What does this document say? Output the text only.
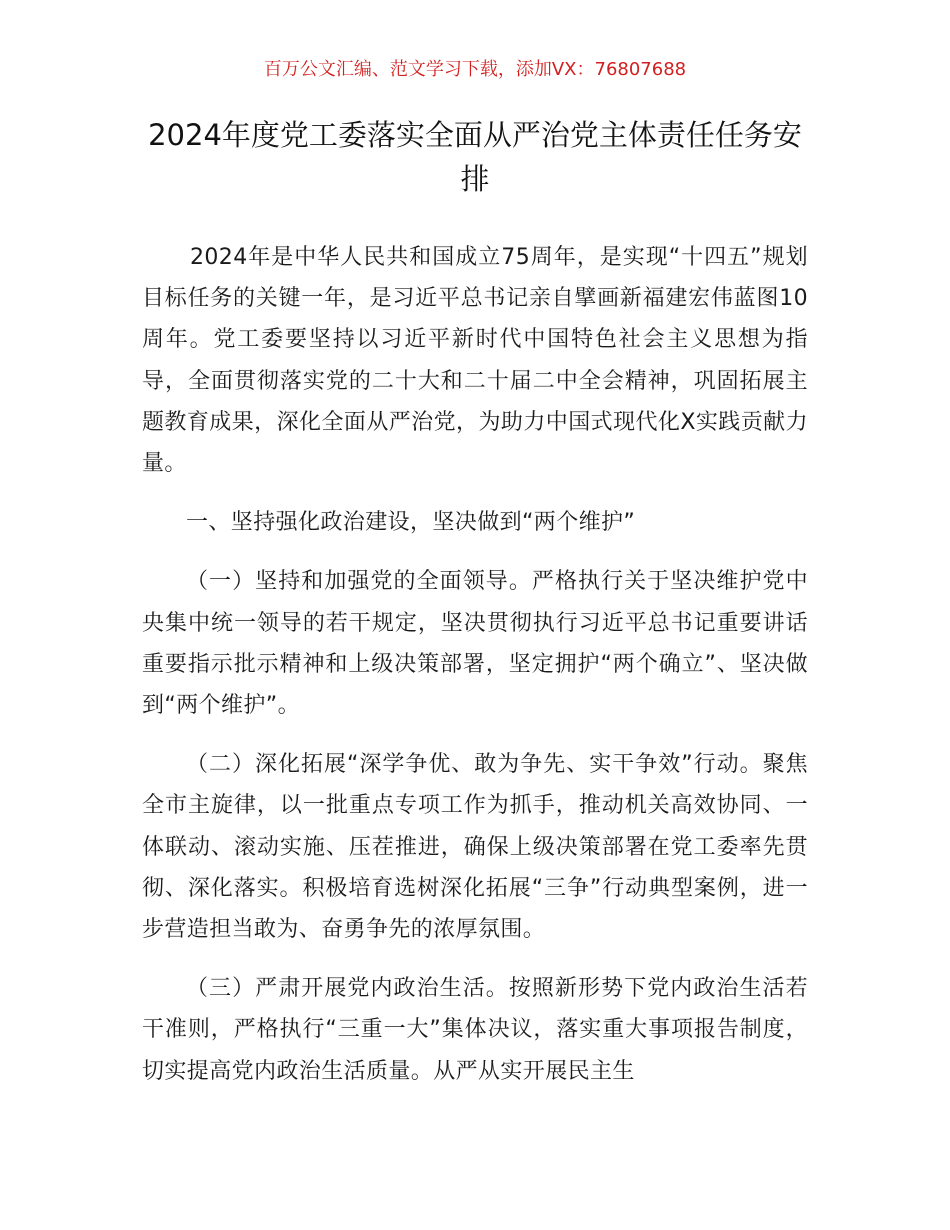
百万公文汇编、范文学习下载，添加VX：76807688
2024年度党工委落实全面从严治党主体责任任务安排

2024年是中华人民共和国成立75周年，是实现“十四五”规划目标任务的关键一年，是习近平总书记亲自擘画新福建宏伟蓝图10周年。党工委要坚持以习近平新时代中国特色社会主义思想为指导，全面贯彻落实党的二十大和二十届二中全会精神，巩固拓展主题教育成果，深化全面从严治党，为助力中国式现代化X实践贡献力量。

一、坚持强化政治建设，坚决做到“两个维护”

（一）坚持和加强党的全面领导。严格执行关于坚决维护党中央集中统一领导的若干规定，坚决贯彻执行习近平总书记重要讲话重要指示批示精神和上级决策部署，坚定拥护“两个确立”、坚决做到“两个维护”。

（二）深化拓展“深学争优、敢为争先、实干争效”行动。聚焦全市主旋律，以一批重点专项工作为抓手，推动机关高效协同、一体联动、滚动实施、压茬推进，确保上级决策部署在党工委率先贯彻、深化落实。积极培育选树深化拓展“三争”行动典型案例，进一步营造担当敢为、奋勇争先的浓厚氛围。

（三）严肃开展党内政治生活。按照新形势下党内政治生活若干准则，严格执行“三重一大”集体决议，落实重大事项报告制度，切实提高党内政治生活质量。从严从实开展民主生
